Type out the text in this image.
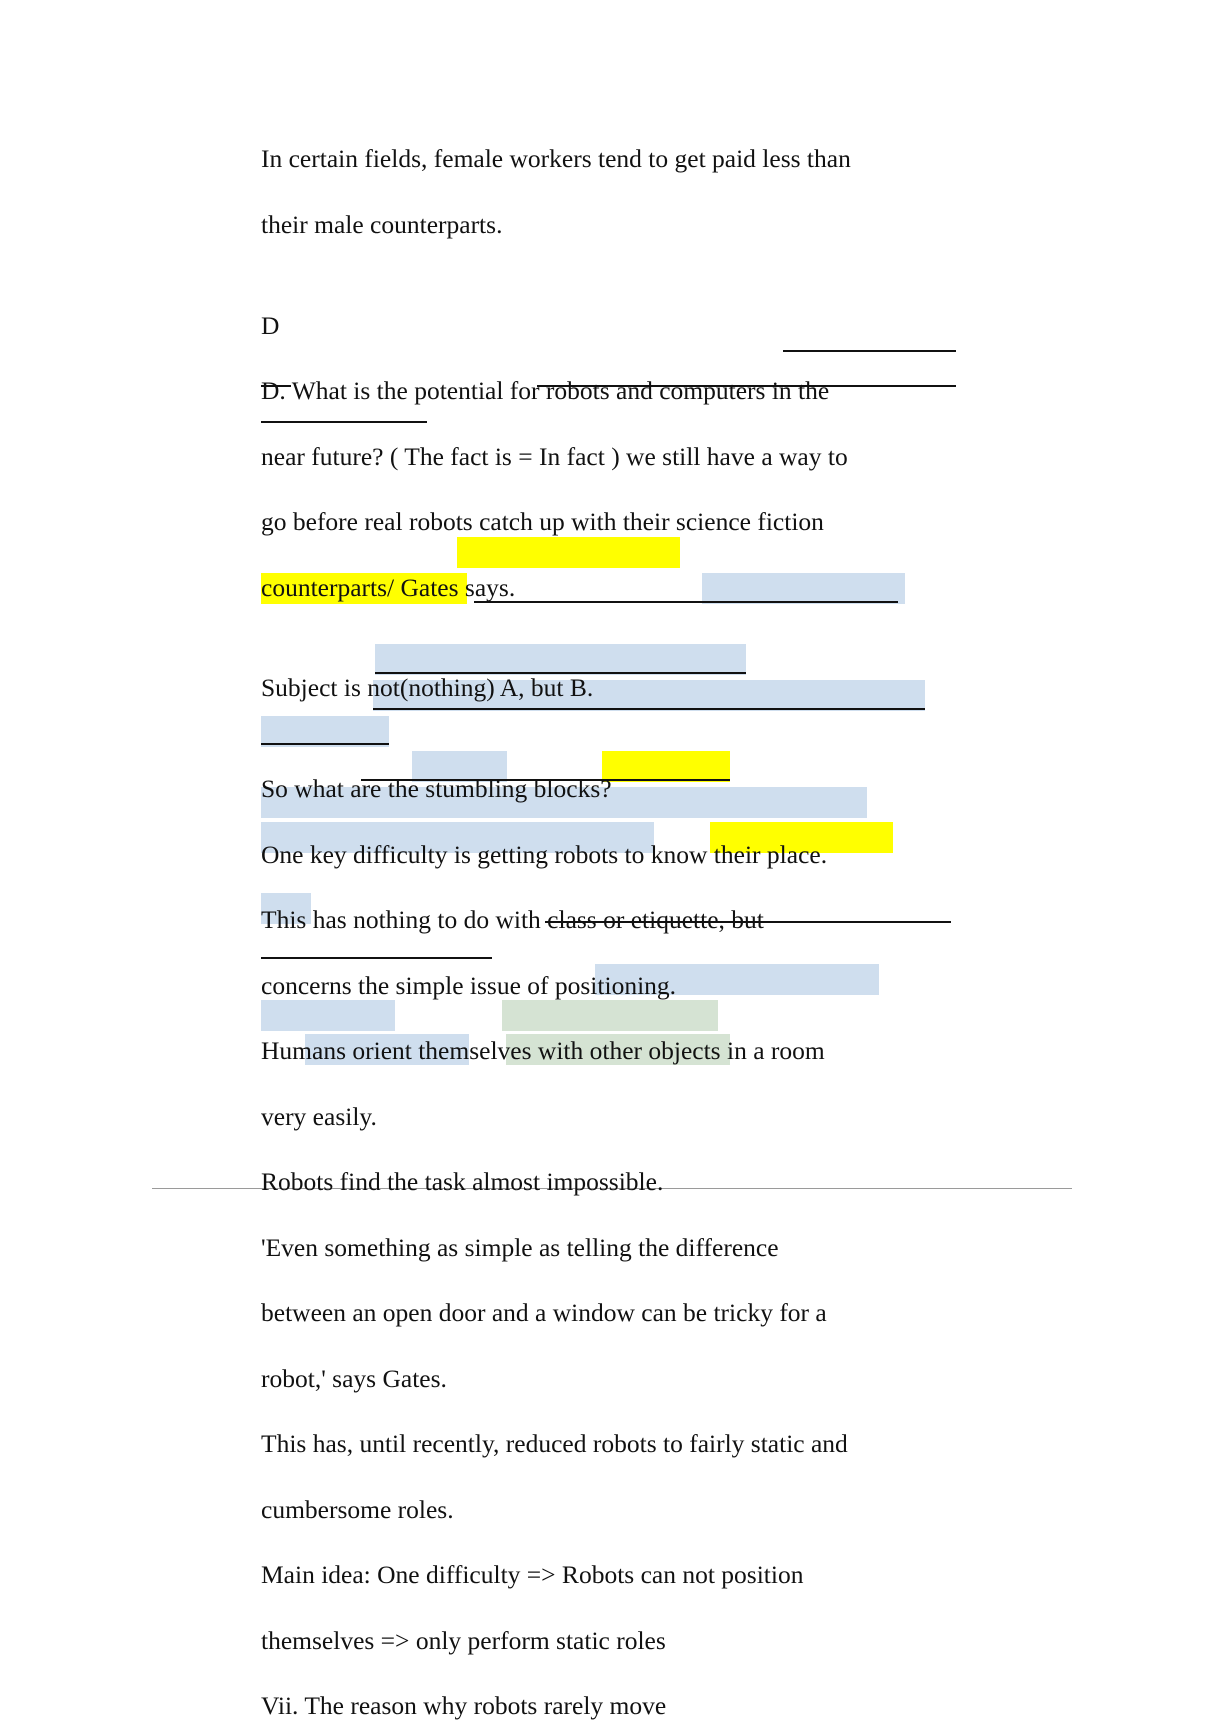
In certain fields, female workers tend to get paid less than

their male counterparts.

D

D. What is the potential for robots and computers in the

near future? ( The fact is = In fact ) we still have a way to

go before real robots catch up with their science fiction

counterparts/ Gates says.

Subject is not(nothing) A, but B.

So what are the stumbling blocks?

One key difficulty is getting robots to know their place.

This has nothing to do with class or etiquette, but

concerns the simple issue of positioning.

Humans orient themselves with other objects in a room

very easily.

Robots find the task almost impossible.

'Even something as simple as telling the difference

between an open door and a window can be tricky for a

robot,' says Gates.

This has, until recently, reduced robots to fairly static and

cumbersome roles.

Main idea: One difficulty => Robots can not position

themselves => only perform static roles

Vii. The reason why robots rarely move
